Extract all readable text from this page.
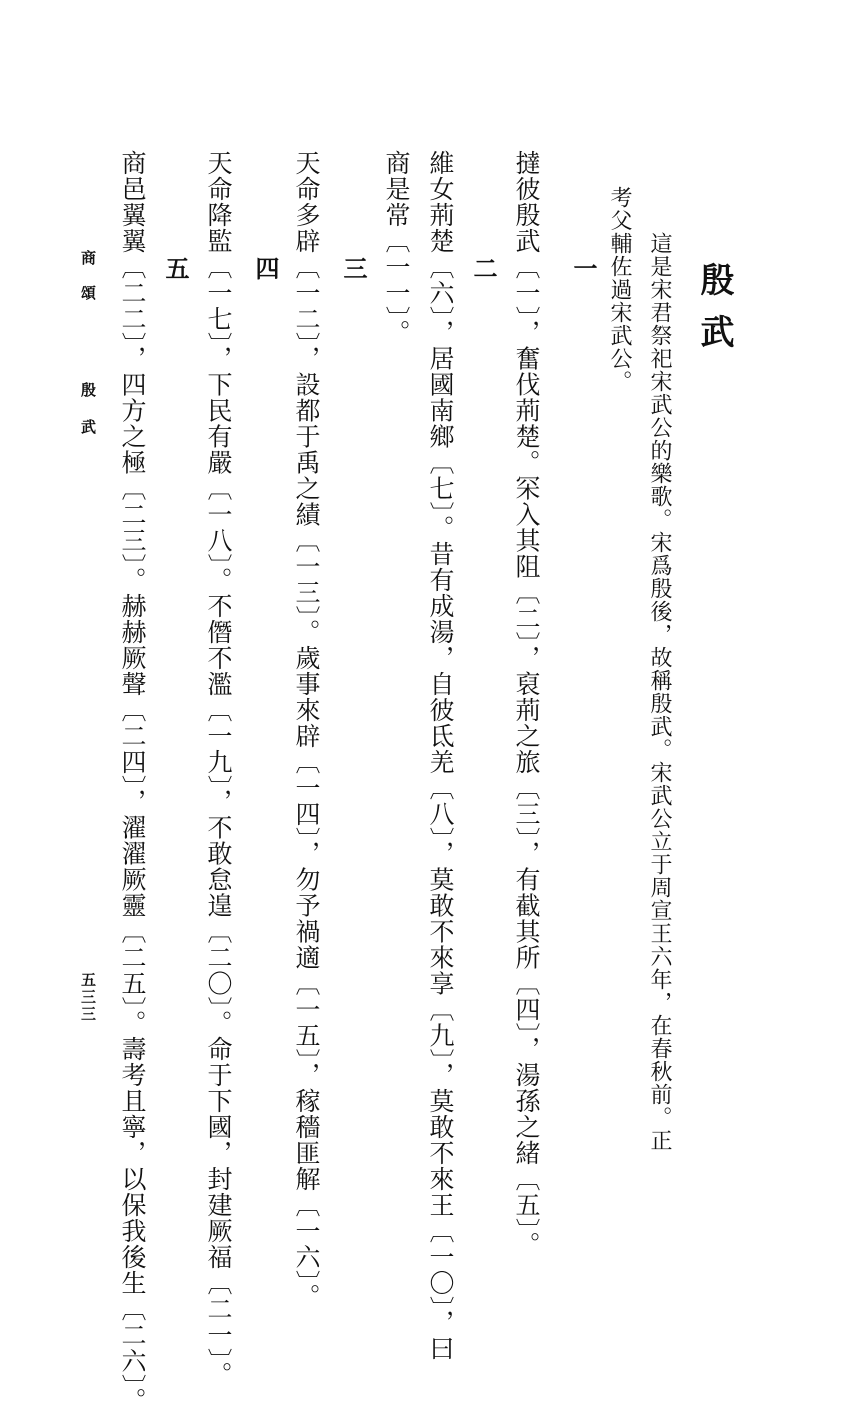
殷武

這是宋君祭祀宋武公的樂歌。宋爲殷後，故稱殷武。宋武公立于周宣王六年，在春秋前。正

考父輔佐過宋武公。

一

撻彼殷武〔一〕，奮伐荊楚。罙入其阻〔二〕，裒荊之旅〔三〕，有截其所〔四〕，湯孫之緒〔五〕。

二

維女荊楚〔六〕，居國南鄉〔七〕。昔有成湯，自彼氐羌〔八〕，莫敢不來享〔九〕，莫敢不來王〔一〇〕，曰

商是常〔一一〕。

三

天命多辟〔一二〕，設都于禹之績〔一三〕。歲事來辟〔一四〕，勿予禍適〔一五〕，稼穡匪解〔一六〕。

四

天命降監〔一七〕，下民有嚴〔一八〕。不僭不濫〔一九〕，不敢怠遑〔二〇〕。命于下國，封建厥福〔二一〕。

五

商邑翼翼〔二二〕，四方之極〔二三〕。赫赫厥聲〔二四〕，濯濯厥靈〔二五〕。壽考且寧，以保我後生〔二六〕。

商頌
殷武
五三三
